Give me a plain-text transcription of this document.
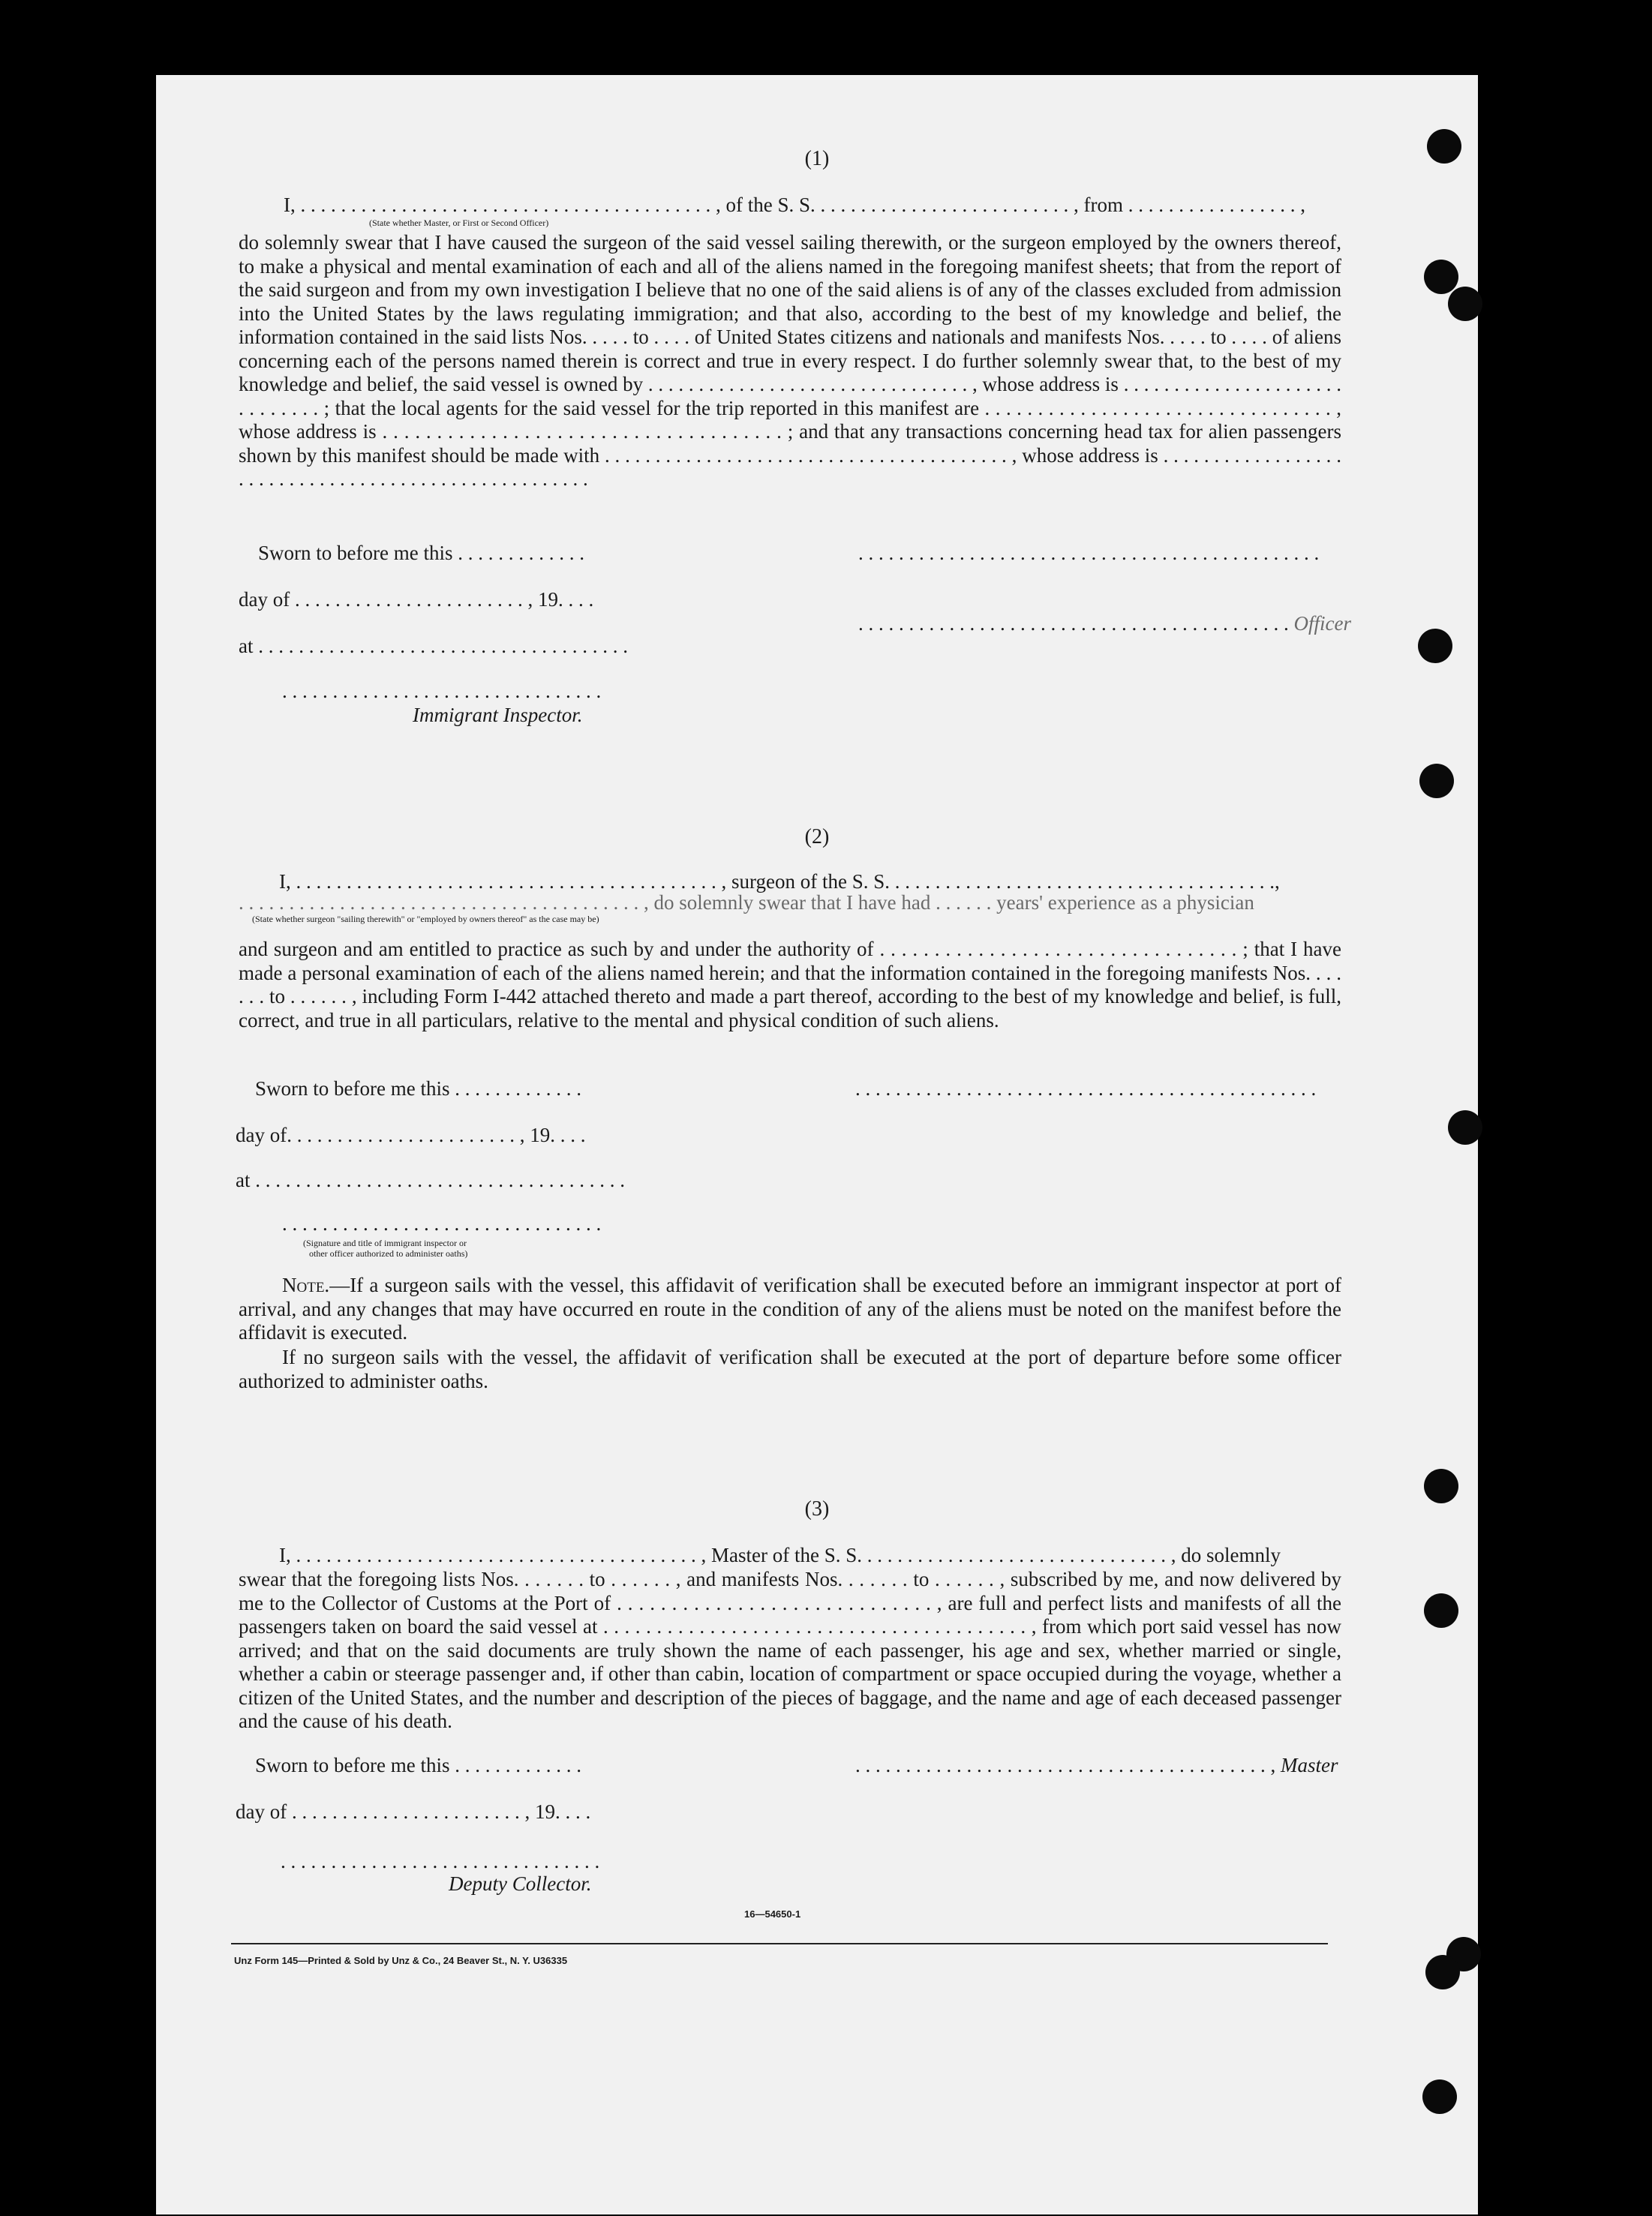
(1)
I, . . . . . . . . . . . . . . . . . . . . . . . . . . . . . . . . . . . . . . . . . , of the S. S. . . . . . . . . . . . . . . . . . . . . . . . . . , from . . . . . . . . . . . . . . . . . ,
(State whether Master, or First or Second Officer)
do solemnly swear that I have caused the surgeon of the said vessel sailing therewith, or the surgeon employed by the owners thereof, to make a physical and mental examination of each and all of the aliens named in the foregoing manifest sheets; that from the report of the said surgeon and from my own investigation I believe that no one of the said aliens is of any of the classes excluded from admission into the United States by the laws regulating immigration; and that also, according to the best of my knowledge and belief, the information contained in the said lists Nos. . . . . to . . . . of United States citizens and nationals and manifests Nos. . . . . to . . . . of aliens concerning each of the persons named therein is correct and true in every respect. I do further solemnly swear that, to the best of my knowledge and belief, the said vessel is owned by . . . . . . . . . . . . . . . . . . . . . . . . . . . . . . . . , whose address is . . . . . . . . . . . . . . . . . . . . . . . . . . . . . . ; that the local agents for the said vessel for the trip reported in this manifest are . . . . . . . . . . . . . . . . . . . . . . . . . . . . . . . . . , whose address is . . . . . . . . . . . . . . . . . . . . . . . . . . . . . . . . . . . . . ; and that any transactions concerning head tax for alien passengers shown by this manifest should be made with . . . . . . . . . . . . . . . . . . . . . . . . . . . . . . . . . . . . . . . . , whose address is . . . . . . . . . . . . . . . . . . . . . . . . . . . . . . . . . . . . . . . . . . . . . . . . . . . . .
Sworn to before me this . . . . . . . . . . . . .	. . . . . . . . . . . . . . . . . . . . . . . . . . . . . . . . . . . . . . . . . . . . . .
day of . . . . . . . . . . . . . . . . . . . . . . . , 19. . . .
. . . . . . . . . . . . . . . . . . . . . . . . . . . . . . . . . . . . . . . . . . . Officer
at . . . . . . . . . . . . . . . . . . . . . . . . . . . . . . . . . . . . .
. . . . . . . . . . . . . . . . . . . . . . . . . . . . . . . .
Immigrant Inspector.
(2)
I, . . . . . . . . . . . . . . . . . . . . . . . . . . . . . . . . . . . . . . . . . . , surgeon of the S. S. . . . . . . . . . . . . . . . . . . . . . . . . . . . . . . . . . . . . . .,
. . . . . . . . . . . . . . . . . . . . . . . . . . . . . . . . . . . . . . . . , do solemnly swear that I have had . . . . . . years' experience as a physician
(State whether surgeon "sailing therewith" or "employed by owners thereof" as the case may be)
and surgeon and am entitled to practice as such by and under the authority of . . . . . . . . . . . . . . . . . . . . . . . . . . . . . . . . . ; that I have made a personal examination of each of the aliens named herein; and that the information contained in the foregoing manifests Nos. . . . . . . to . . . . . . , including Form I-442 attached thereto and made a part thereof, according to the best of my knowledge and belief, is full, correct, and true in all particulars, relative to the mental and physical condition of such aliens.
Sworn to before me this . . . . . . . . . . . . .	. . . . . . . . . . . . . . . . . . . . . . . . . . . . . . . . . . . . . . . . . . . . . .
day of. . . . . . . . . . . . . . . . . . . . . . . , 19. . . .
at . . . . . . . . . . . . . . . . . . . . . . . . . . . . . . . . . . . . .
. . . . . . . . . . . . . . . . . . . . . . . . . . . . . . . .
(Signature and title of immigrant inspector or
other officer authorized to administer oaths)
Note.—If a surgeon sails with the vessel, this affidavit of verification shall be executed before an immigrant inspector at port of arrival, and any changes that may have occurred en route in the condition of any of the aliens must be noted on the manifest before the affidavit is executed.
If no surgeon sails with the vessel, the affidavit of verification shall be executed at the port of departure before some officer authorized to administer oaths.
(3)
I, . . . . . . . . . . . . . . . . . . . . . . . . . . . . . . . . . . . . . . . . , Master of the S. S. . . . . . . . . . . . . . . . . . . . . . . . . . . . . . . , do solemnly
swear that the foregoing lists Nos. . . . . . . to . . . . . . , and manifests Nos. . . . . . . to . . . . . . , subscribed by me, and now delivered by me to the Collector of Customs at the Port of . . . . . . . . . . . . . . . . . . . . . . . . . . . . . , are full and perfect lists and manifests of all the passengers taken on board the said vessel at . . . . . . . . . . . . . . . . . . . . . . . . . . . . . . . . . . . . . . . . , from which port said vessel has now arrived; and that on the said documents are truly shown the name of each passenger, his age and sex, whether married or single, whether a cabin or steerage passenger and, if other than cabin, location of compartment or space occupied during the voyage, whether a citizen of the United States, and the number and description of the pieces of baggage, and the name and age of each deceased passenger and the cause of his death.
Sworn to before me this . . . . . . . . . . . . .	. . . . . . . . . . . . . . . . . . . . . . . . . . . . . . . . . . . . . . . . . , Master
day of . . . . . . . . . . . . . . . . . . . . . . . , 19. . . .
. . . . . . . . . . . . . . . . . . . . . . . . . . . . . . . .
Deputy Collector.
16—54650-1
Unz Form 145—Printed & Sold by Unz & Co., 24 Beaver St., N. Y. U36335
